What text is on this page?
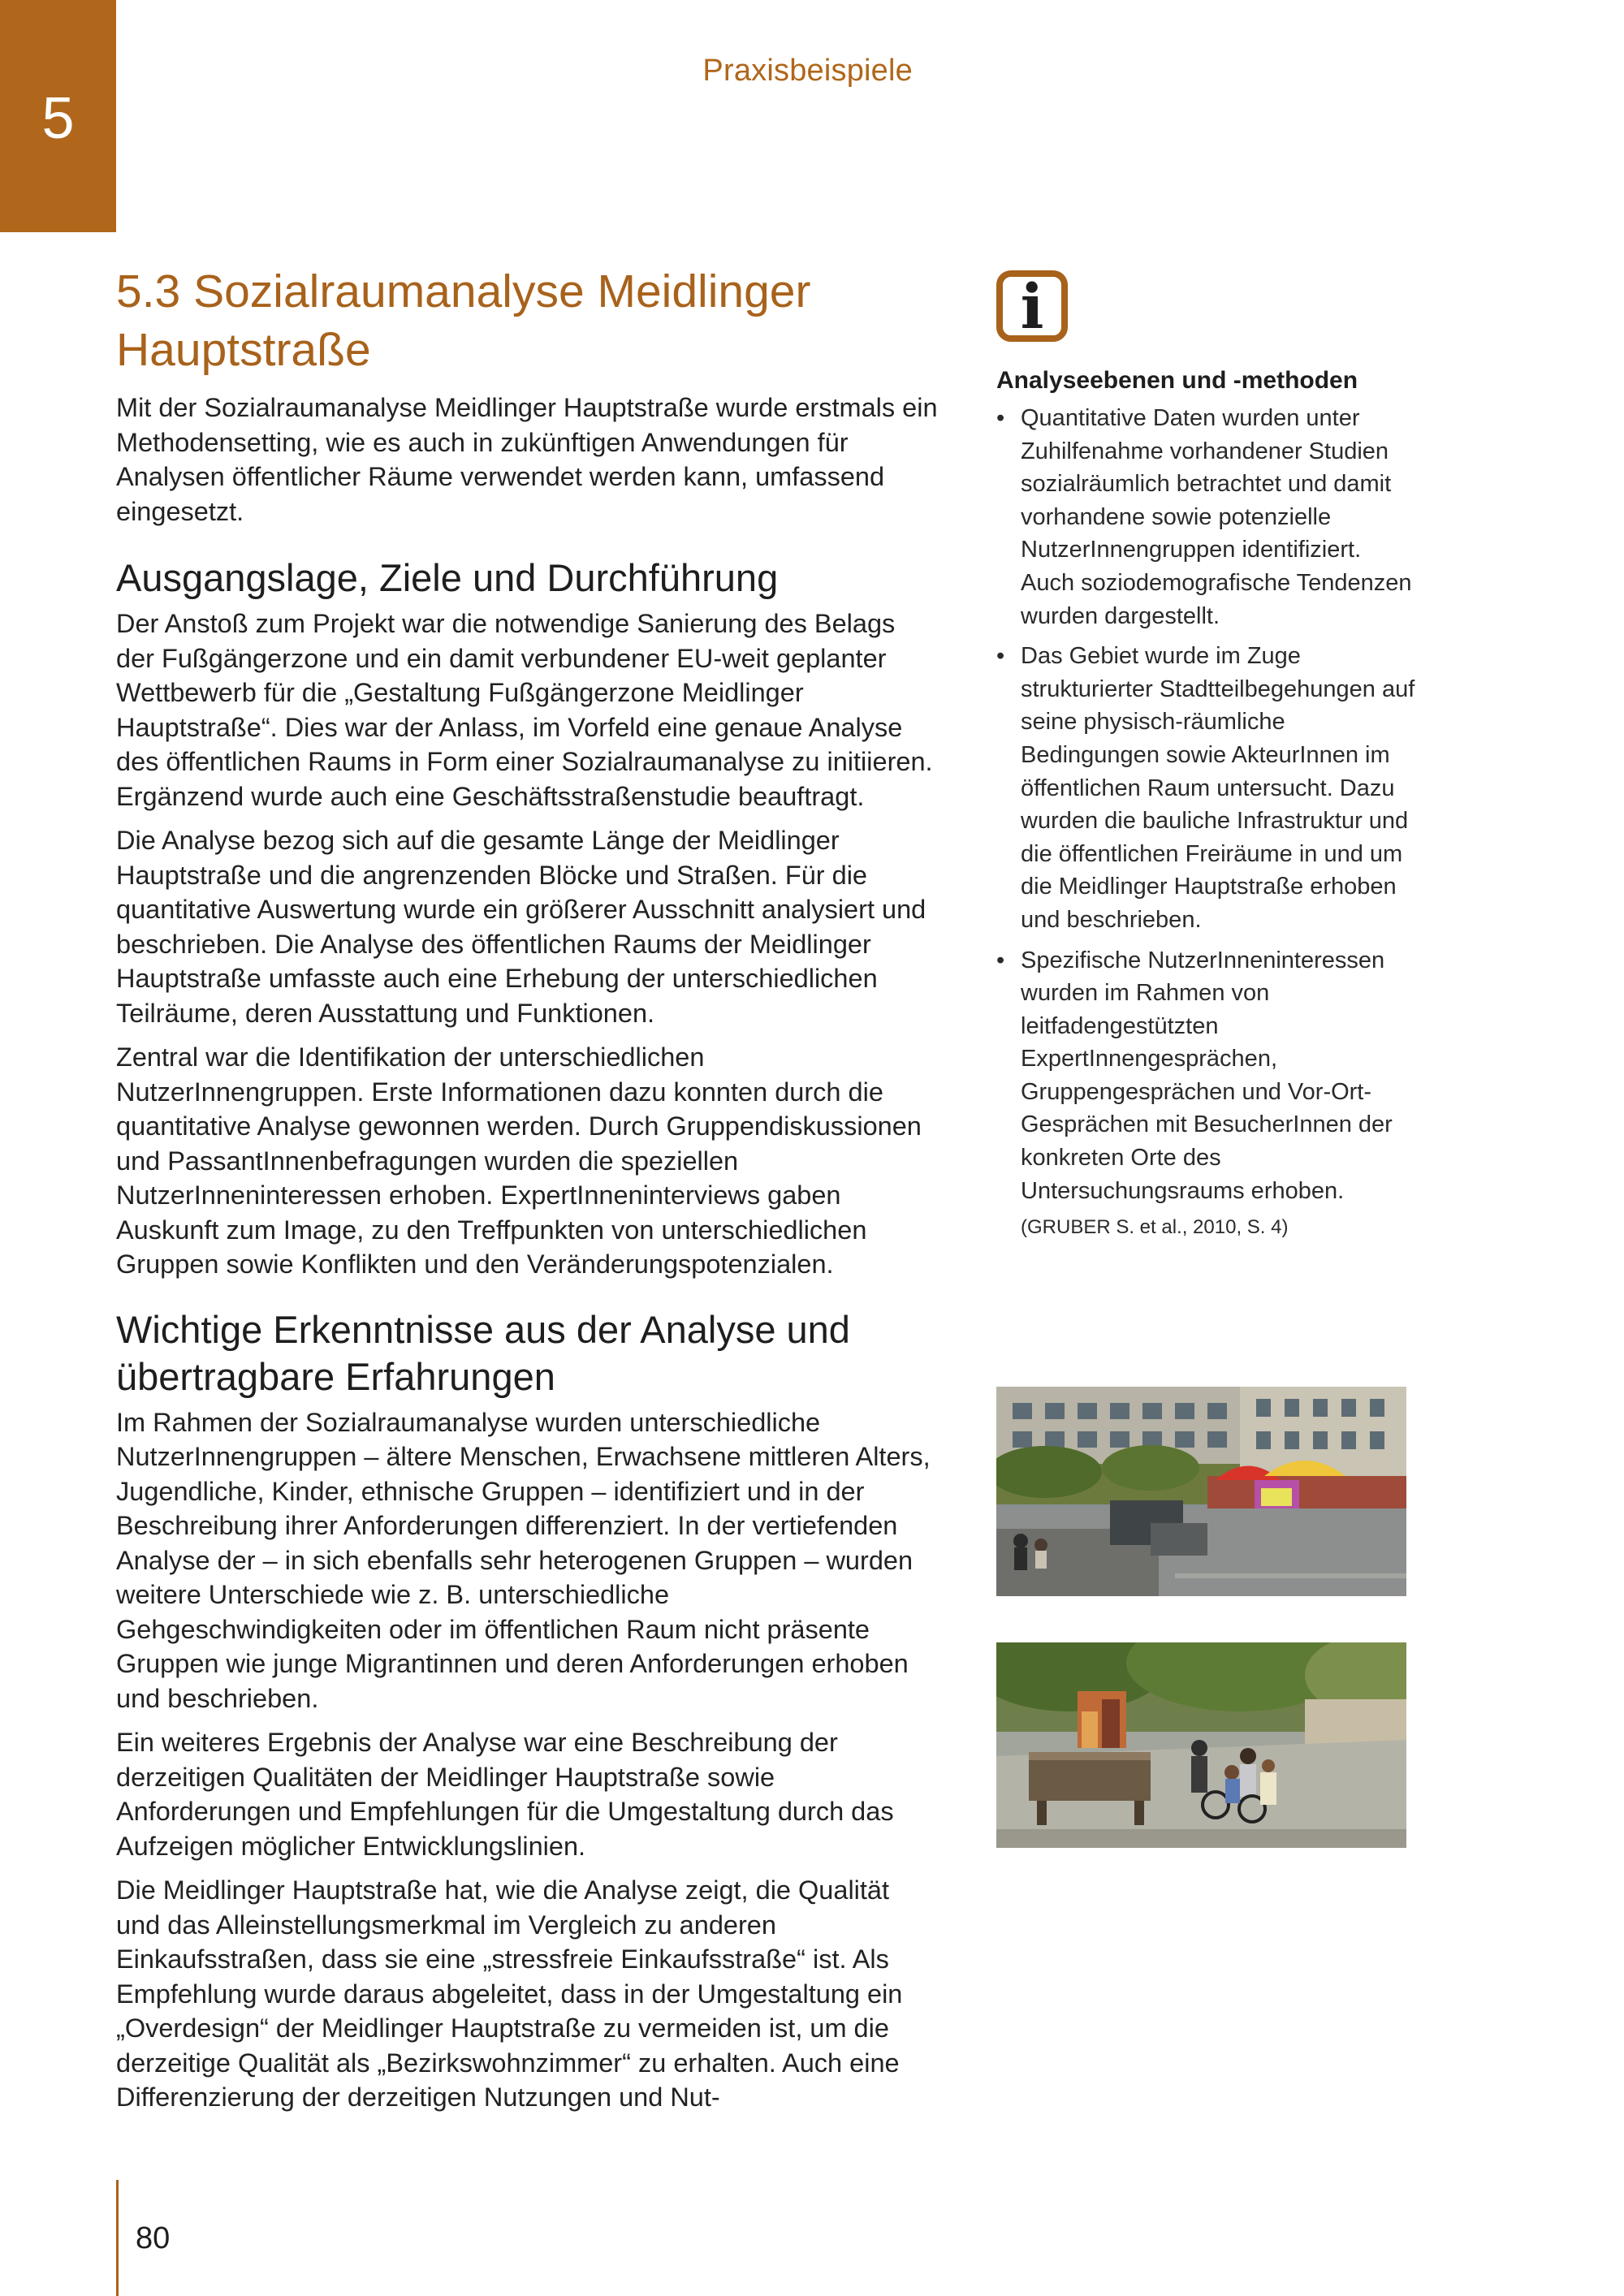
5
Praxisbeispiele
5.3 Sozialraumanalyse Meidlinger
Hauptstraße

Mit der Sozialraumanalyse Meidlinger Hauptstraße wurde erstmals ein Methodensetting, wie es auch in zukünftigen Anwendungen für Analysen öffentlicher Räume verwendet werden kann, umfassend eingesetzt.

Ausgangslage, Ziele und Durchführung

Der Anstoß zum Projekt war die notwendige Sanierung des Belags der Fußgängerzone und ein damit verbundener EU-weit geplanter Wettbewerb für die „Gestaltung Fußgängerzone Meidlinger Hauptstraße“. Dies war der Anlass, im Vorfeld eine genaue Analyse des öffentlichen Raums in Form einer Sozialraumanalyse zu initiieren. Ergänzend wurde auch eine Geschäftsstraßenstudie beauftragt.

Die Analyse bezog sich auf die gesamte Länge der Meidlinger Hauptstraße und die angrenzenden Blöcke und Straßen. Für die quantitative Auswertung wurde ein größerer Ausschnitt analysiert und beschrieben. Die Analyse des öffentlichen Raums der Meidlinger Hauptstraße umfasste auch eine Erhebung der unterschiedlichen Teilräume, deren Ausstattung und Funktionen.

Zentral war die Identifikation der unterschiedlichen NutzerInnengruppen. Erste Informationen dazu konnten durch die quantitative Analyse gewonnen werden. Durch Gruppendiskussionen und PassantInnenbefragungen wurden die speziellen NutzerInneninteressen erhoben. ExpertInneninterviews gaben Auskunft zum Image, zu den Treffpunkten von unterschiedlichen Gruppen sowie Konflikten und den Veränderungspotenzialen.

Wichtige Erkenntnisse aus der Analyse und
übertragbare Erfahrungen

Im Rahmen der Sozialraumanalyse wurden unterschiedliche NutzerInnengruppen – ältere Menschen, Erwachsene mittleren Alters, Jugendliche, Kinder, ethnische Gruppen – identifiziert und in der Beschreibung ihrer Anforderungen differenziert. In der vertiefenden Analyse der – in sich ebenfalls sehr heterogenen Gruppen – wurden weitere Unterschiede wie z. B. unterschiedliche Gehgeschwindigkeiten oder im öffentlichen Raum nicht präsente Gruppen wie junge Migrantinnen und deren Anforderungen erhoben und beschrieben.

Ein weiteres Ergebnis der Analyse war eine Beschreibung der derzeitigen Qualitäten der Meidlinger Hauptstraße sowie Anforderungen und Empfehlungen für die Umgestaltung durch das Aufzeigen möglicher Entwicklungslinien.

Die Meidlinger Hauptstraße hat, wie die Analyse zeigt, die Qualität und das Alleinstellungsmerkmal im Vergleich zu anderen Einkaufsstraßen, dass sie eine „stressfreie Einkaufsstraße“ ist. Als Empfehlung wurde daraus abgeleitet, dass in der Umgestaltung ein „Overdesign“ der Meidlinger Hauptstraße zu vermeiden ist, um die derzeitige Qualität als „Bezirkswohnzimmer“ zu erhalten. Auch eine Differenzierung der derzeitigen Nutzungen und Nut-

i
Analyseebenen und -methoden
• Quantitative Daten wurden unter Zuhilfenahme vorhandener Studien sozialräumlich betrachtet und damit vorhandene sowie potenzielle NutzerInnengruppen identifiziert. Auch soziodemografische Tendenzen wurden dargestellt.
• Das Gebiet wurde im Zuge strukturierter Stadtteilbegehungen auf seine physisch-räumliche Bedingungen sowie AkteurInnen im öffentlichen Raum untersucht. Dazu wurden die bauliche Infrastruktur und die öffentlichen Freiräume in und um die Meidlinger Hauptstraße erhoben und beschrieben.
• Spezifische NutzerInneninteressen wurden im Rahmen von leitfadengestützten ExpertInnengesprächen, Gruppengesprächen und Vor-Ort-Gesprächen mit BesucherInnen der konkreten Orte des Untersuchungsraums erhoben.
(GRUBER S. et al., 2010, S. 4)
80
